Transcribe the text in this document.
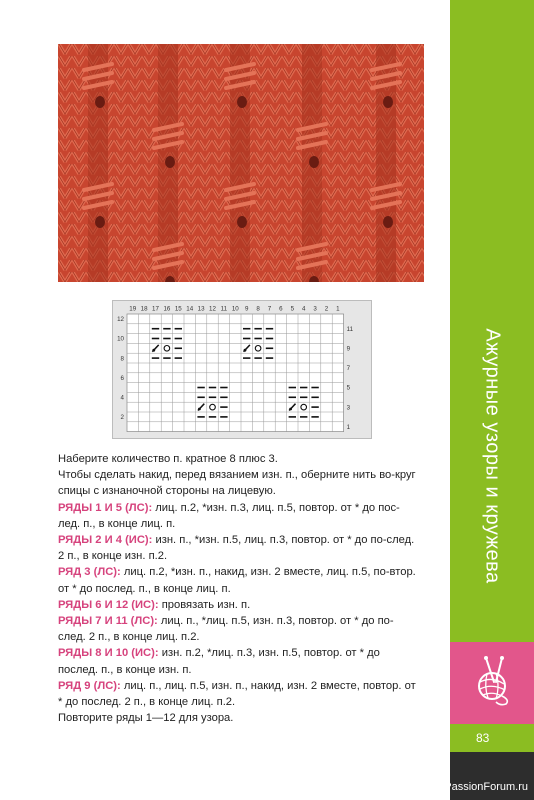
19 18 17 16 15 14 13 12 11 10 9 8 7 6 5 4 3 2 1
12
10
8
6
4
2
11
9
7
5
3
1

Наберите количество п. кратное 8 плюс 3.

Чтобы сделать накид, перед вязанием изн. п., оберните нить во-круг спицы с изнаночной стороны на лицевую.

РЯДЫ 1 И 5 (ЛС): лиц. п.2, *изн. п.3, лиц. п.5, повтор. от * до пос-лед. п., в конце лиц. п.

РЯДЫ 2 И 4 (ИС): изн. п., *изн. п.5, лиц. п.3, повтор. от * до по-след. 2 п., в конце изн. п.2.

РЯД 3 (ЛС): лиц. п.2, *изн. п., накид, изн. 2 вместе, лиц. п.5, по-втор. от * до послед. п., в конце лиц. п.

РЯДЫ 6 И 12 (ИС): провязать изн. п.

РЯДЫ 7 И 11 (ЛС): лиц. п., *лиц. п.5, изн. п.3, повтор. от * до по-след. 2 п., в конце лиц. п.2.

РЯДЫ 8 И 10 (ИС): изн. п.2, *лиц. п.3, изн. п.5, повтор. от * до послед. п., в конце изн. п.

РЯД 9 (ЛС): лиц. п., лиц. п.5, изн. п., накид, изн. 2 вместе, повтор. от * до послед. 2 п., в конце лиц. п.2.

Повторите ряды 1—12 для узора.

Ажурные узоры и кружева
83
PassionForum.ru
